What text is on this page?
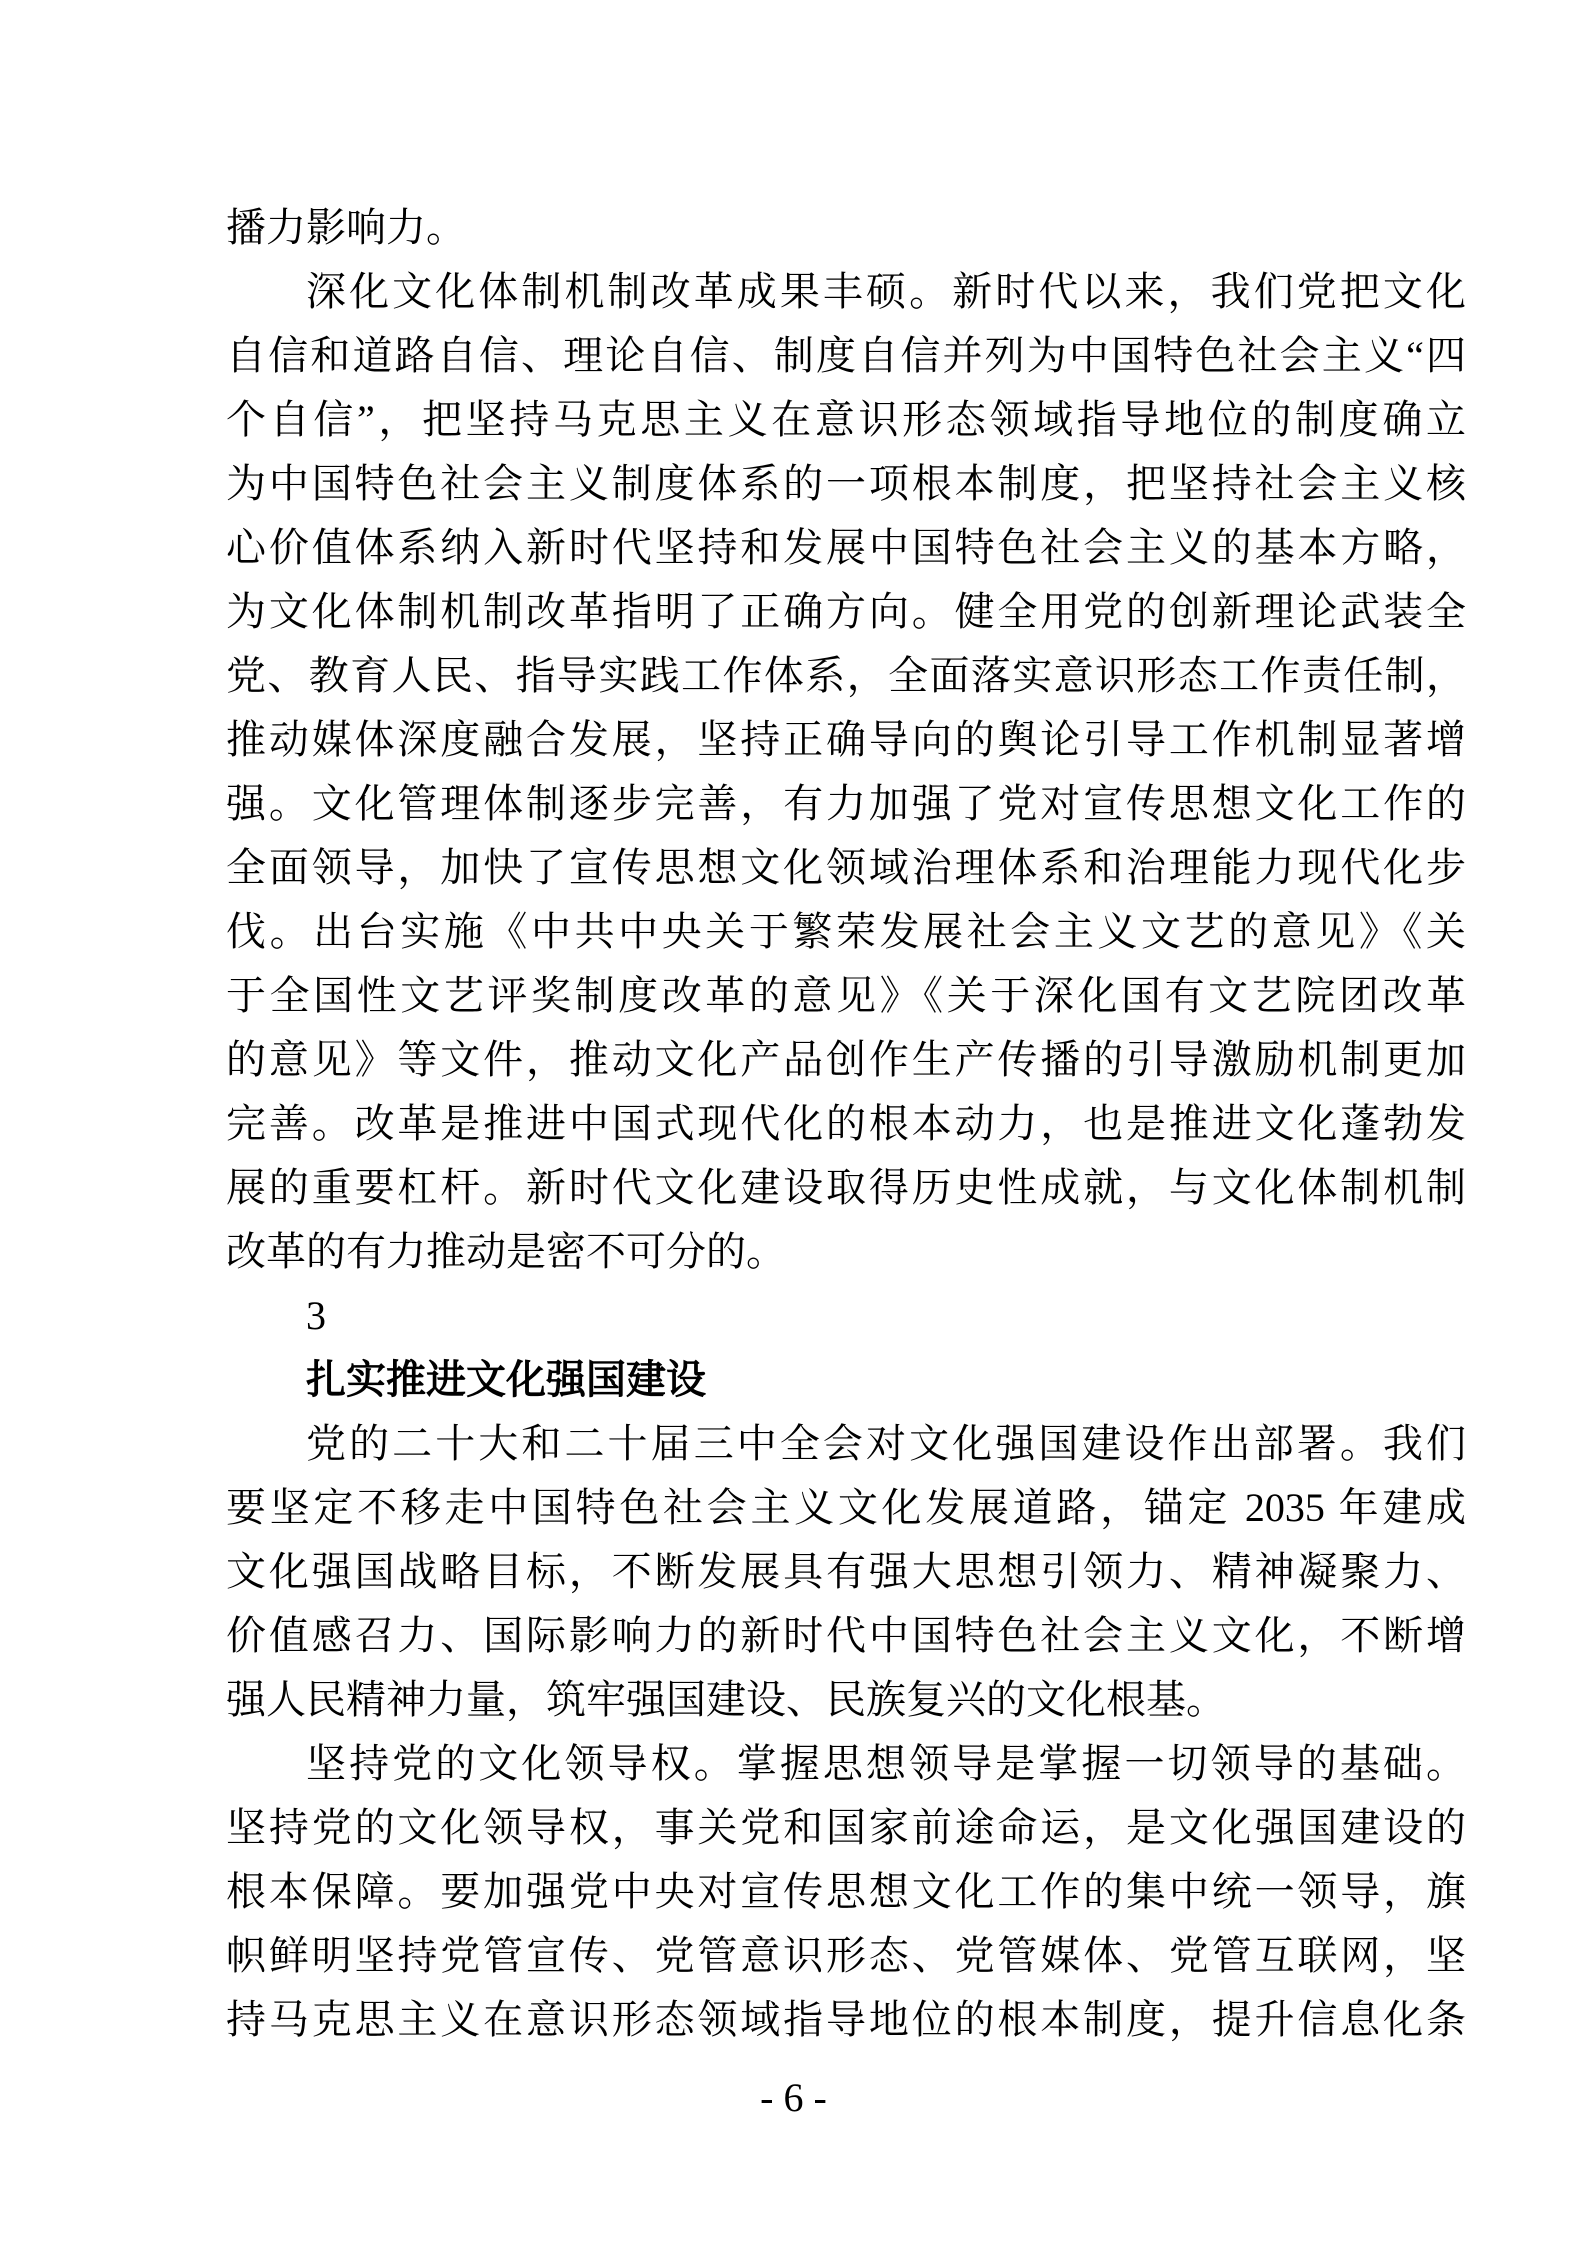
播力影响力。
深化文化体制机制改革成果丰硕。新时代以来，我们党把文化
自信和道路自信、理论自信、制度自信并列为中国特色社会主义“四
个自信”，把坚持马克思主义在意识形态领域指导地位的制度确立
为中国特色社会主义制度体系的一项根本制度，把坚持社会主义核
心价值体系纳入新时代坚持和发展中国特色社会主义的基本方略，
为文化体制机制改革指明了正确方向。健全用党的创新理论武装全
党、教育人民、指导实践工作体系，全面落实意识形态工作责任制，
推动媒体深度融合发展，坚持正确导向的舆论引导工作机制显著增
强。文化管理体制逐步完善，有力加强了党对宣传思想文化工作的
全面领导，加快了宣传思想文化领域治理体系和治理能力现代化步
伐。出台实施《中共中央关于繁荣发展社会主义文艺的意见》《关
于全国性文艺评奖制度改革的意见》《关于深化国有文艺院团改革
的意见》等文件，推动文化产品创作生产传播的引导激励机制更加
完善。改革是推进中国式现代化的根本动力，也是推进文化蓬勃发
展的重要杠杆。新时代文化建设取得历史性成就，与文化体制机制
改革的有力推动是密不可分的。
3
扎实推进文化强国建设
党的二十大和二十届三中全会对文化强国建设作出部署。我们
要坚定不移走中国特色社会主义文化发展道路，锚定 2035 年建成
文化强国战略目标，不断发展具有强大思想引领力、精神凝聚力、
价值感召力、国际影响力的新时代中国特色社会主义文化，不断增
强人民精神力量，筑牢强国建设、民族复兴的文化根基。
坚持党的文化领导权。掌握思想领导是掌握一切领导的基础。
坚持党的文化领导权，事关党和国家前途命运，是文化强国建设的
根本保障。要加强党中央对宣传思想文化工作的集中统一领导，旗
帜鲜明坚持党管宣传、党管意识形态、党管媒体、党管互联网，坚
持马克思主义在意识形态领域指导地位的根本制度，提升信息化条
- 6 -
